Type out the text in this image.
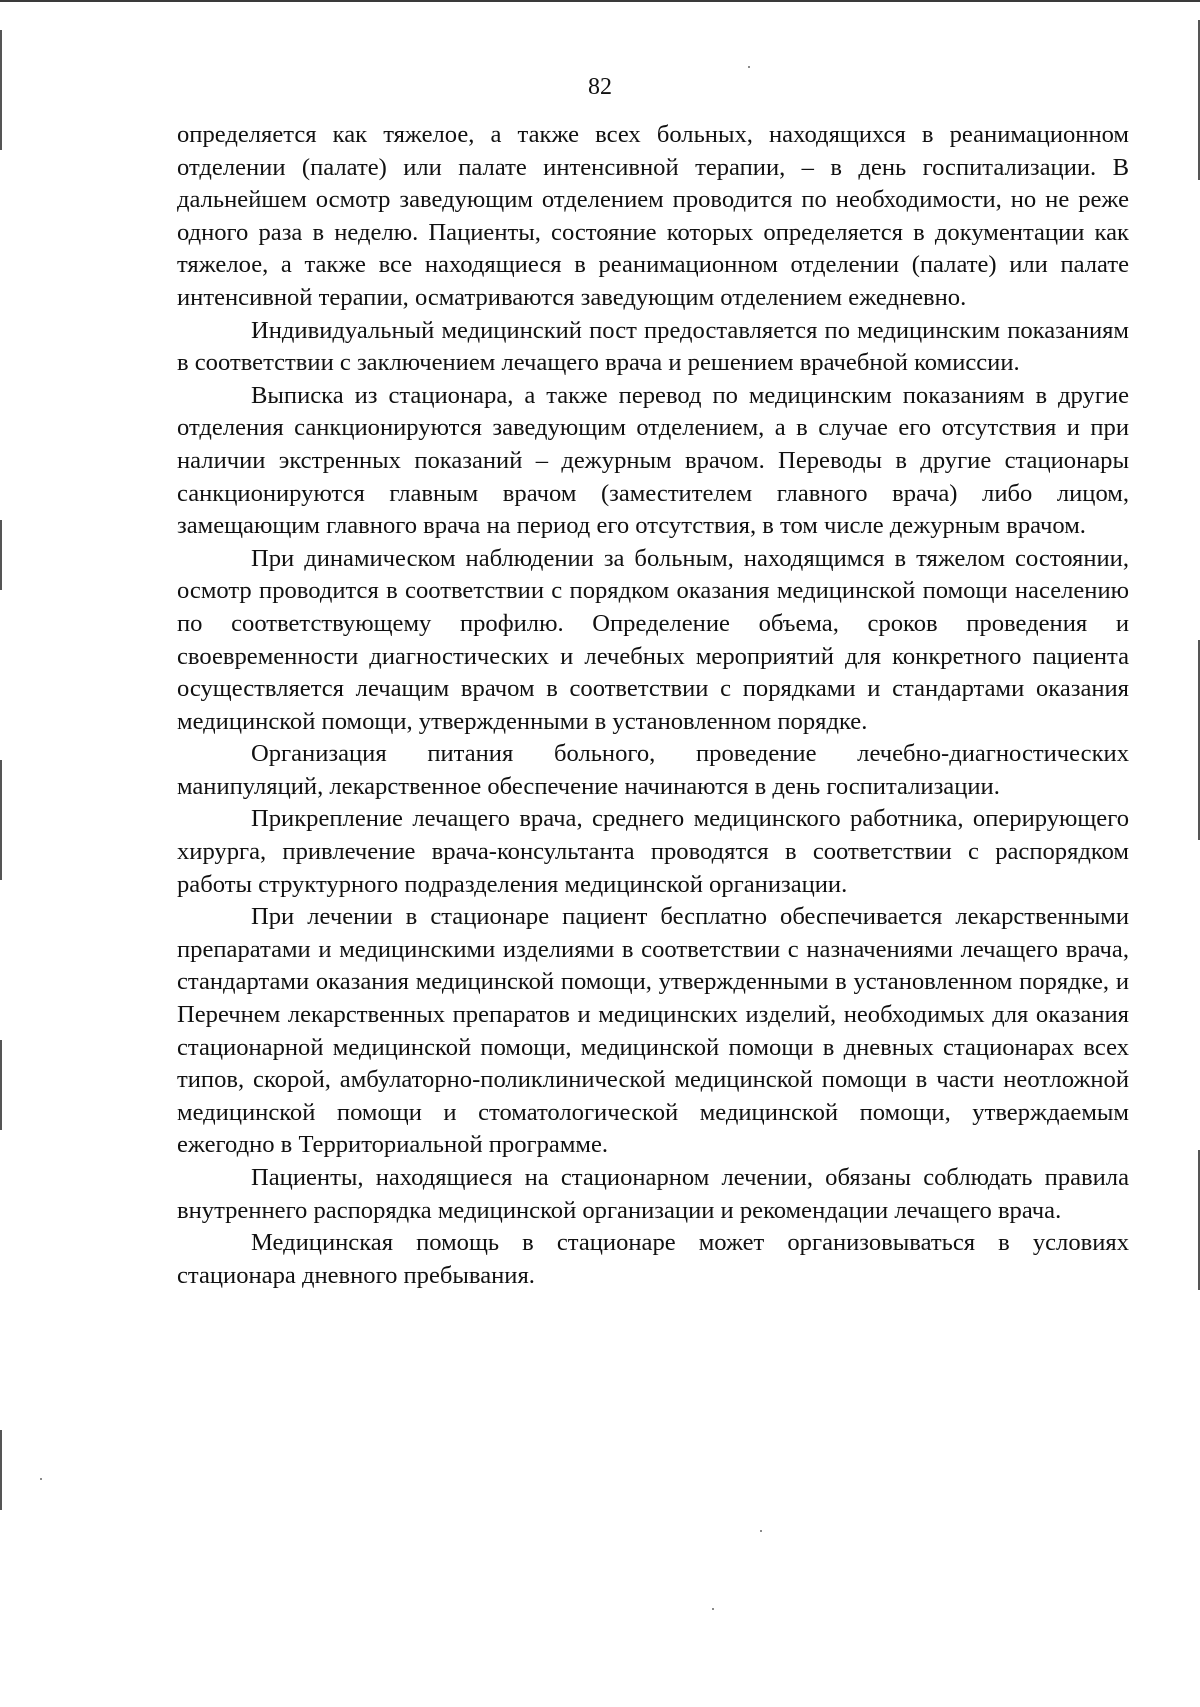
82

определяется как тяжелое, а также всех больных, находящихся в реанимационном отделении (палате) или палате интенсивной терапии, – в день госпитализации. В дальнейшем осмотр заведующим отделением проводится по необходимости, но не реже одного раза в неделю. Пациенты, состояние которых определяется в документации как тяжелое, а также все находящиеся в реанимационном отделении (палате) или палате интенсивной терапии, осматриваются заведующим отделением ежедневно.

Индивидуальный медицинский пост предоставляется по медицинским показаниям в соответствии с заключением лечащего врача и решением врачебной комиссии.

Выписка из стационара, а также перевод по медицинским показаниям в другие отделения санкционируются заведующим отделением, а в случае его отсутствия и при наличии экстренных показаний – дежурным врачом. Переводы в другие стационары санкционируются главным врачом (заместителем главного врача) либо лицом, замещающим главного врача на период его отсутствия, в том числе дежурным врачом.

При динамическом наблюдении за больным, находящимся в тяжелом состоянии, осмотр проводится в соответствии с порядком оказания медицинской помощи населению по соответствующему профилю. Определение объема, сроков проведения и своевременности диагностических и лечебных мероприятий для конкретного пациента осуществляется лечащим врачом в соответствии с порядками и стандартами оказания медицинской помощи, утвержденными в установленном порядке.

Организация питания больного, проведение лечебно-диагностических манипуляций, лекарственное обеспечение начинаются в день госпитализации.

Прикрепление лечащего врача, среднего медицинского работника, оперирующего хирурга, привлечение врача-консультанта проводятся в соответствии с распорядком работы структурного подразделения медицинской организации.

При лечении в стационаре пациент бесплатно обеспечивается лекарственными препаратами и медицинскими изделиями в соответствии с назначениями лечащего врача, стандартами оказания медицинской помощи, утвержденными в установленном порядке, и Перечнем лекарственных препаратов и медицинских изделий, необходимых для оказания стационарной медицинской помощи, медицинской помощи в дневных стационарах всех типов, скорой, амбулаторно-поликлинической медицинской помощи в части неотложной медицинской помощи и стоматологической медицинской помощи, утверждаемым ежегодно в Территориальной программе.

Пациенты, находящиеся на стационарном лечении, обязаны соблюдать правила внутреннего распорядка медицинской организации и рекомендации лечащего врача.

Медицинская помощь в стационаре может организовываться в условиях стационара дневного пребывания.
